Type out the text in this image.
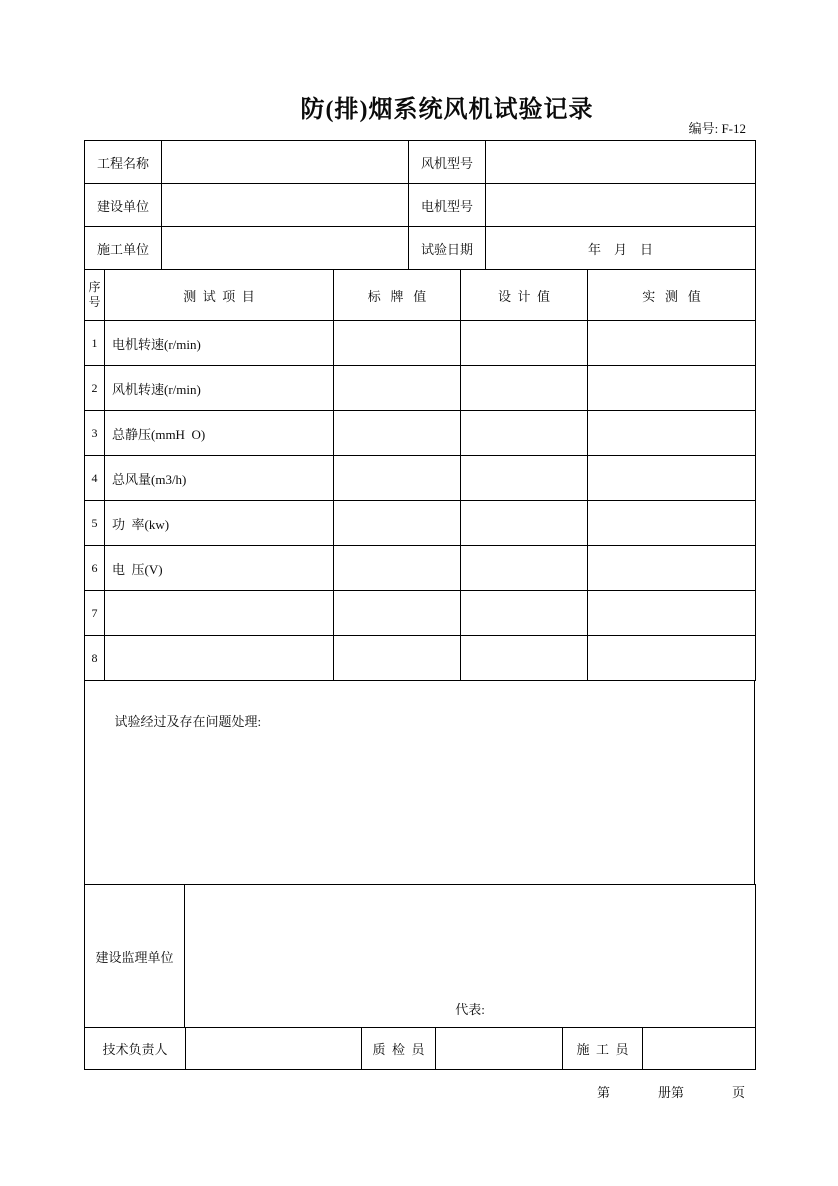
防(排)烟系统风机试验记录
编号: F-12
工程名称		风机型号	
建设单位		电机型号	
施工单位		试验日期	年    月    日
序号	测  试  项  目	标   牌   值	设  计  值	实   测   值
1	电机转速(r/min)			
2	风机转速(r/min)			
3	总静压(mmH  O)			
4	总风量(m3/h)			
5	功  率(kw)			
6	电  压(V)			
7				
8				

试验经过及存在问题处理:

建设监理单位	

代表:

技术负责人		质  检  员		施  工  员	
第	册第	页
